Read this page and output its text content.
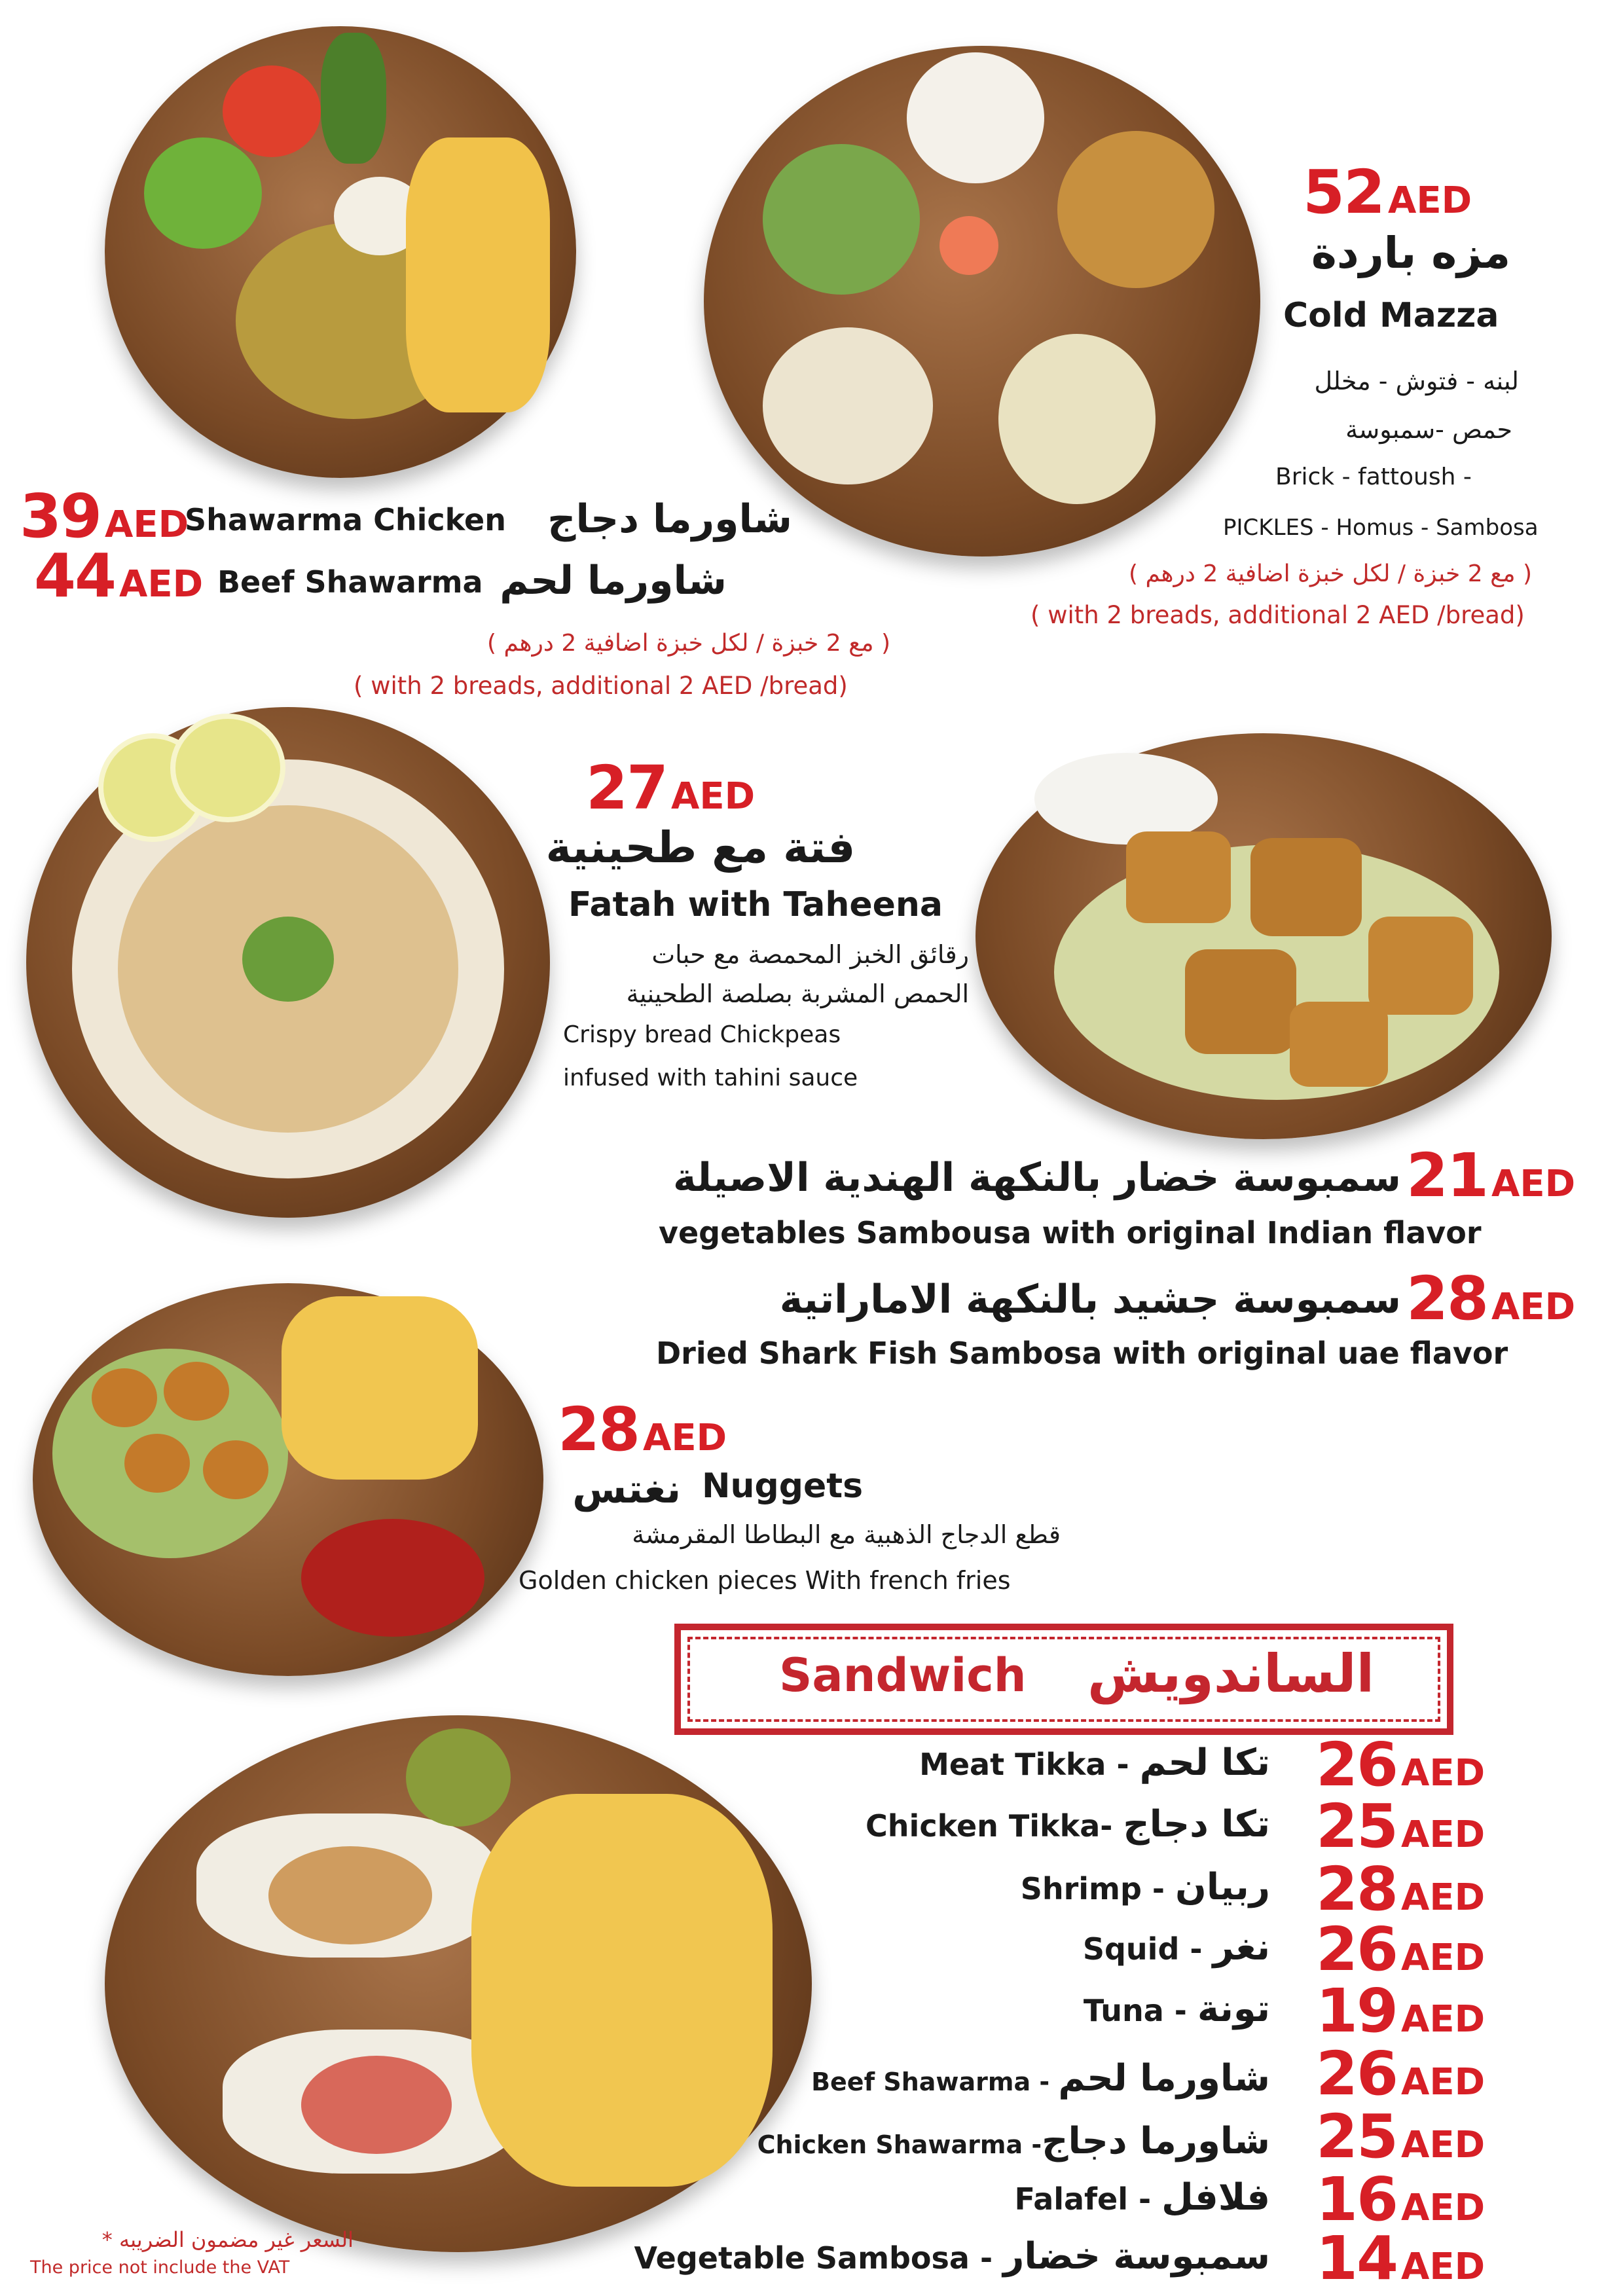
52 AED
مزه باردة
Cold Mazza
لبنه - فتوش - مخلل
حمص -سمبوسة
Brick - fattoush -
PICKLES - Homus - Sambosa
( مع 2 خبزة / لكل خبزة اضافية 2 درهم )
( with 2 breads, additional 2 AED /bread)
39 AED
Shawarma Chicken شاورما دجاج
44 AED Beef Shawarma شاورما لحم
( مع 2 خبزة / لكل خبزة اضافية 2 درهم )
( with 2 breads, additional 2 AED /bread)
27 AED
فتة مع طحينية
Fatah with Taheena
رقائق الخبز المحمصة مع حبات
الحمص المشربة بصلصة الطحينية
Crispy bread Chickpeas
infused with tahini sauce
سمبوسة خضار بالنكهة الهندية الاصيلة 21 AED
vegetables Sambousa with original Indian flavor
سمبوسة جشيد بالنكهة الاماراتية 28 AED
Dried Shark Fish Sambosa with original uae flavor
28 AED
Nuggets
نغتس
قطع الدجاج الذهبية مع البطاطا المقرمشة
Golden chicken pieces With french fries
Sandwich الساندويش
Meat Tikka - تكا لحم 26 AED
Chicken Tikka- تكا دجاج 25 AED
Shrimp - ربيان 28 AED
Squid - نغر 26 AED
Tuna - تونة 19 AED
Beef Shawarma - شاورما لحم 26 AED
Chicken Shawarma -شاورما دجاج 25 AED
Falafel - فلافل 16 AED
Vegetable Sambosa - سمبوسة خضار 14 AED
السعر غير مضمون الضريبه *
The price not include the VAT
